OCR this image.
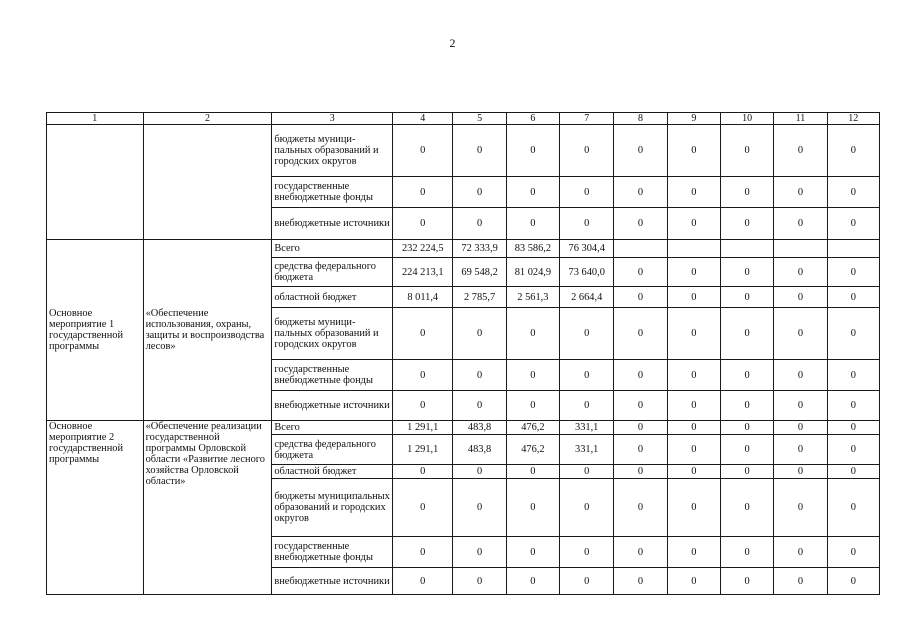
2
1	2	3	4	5	6	7	8	9	10	11	12
		бюджеты муници-пальных образований и городских округов	0	0	0	0	0	0	0	0	0
		государственные внебюджетные фонды	0	0	0	0	0	0	0	0	0
		внебюджетные источники	0	0	0	0	0	0	0	0	0
Основное мероприятие 1 государственной программы	«Обеспечение использования, охраны, защиты и воспроизводства лесов»	Всего	232 224,5	72 333,9	83 586,2	76 304,4					
		средства федерального бюджета	224 213,1	69 548,2	81 024,9	73 640,0	0	0	0	0	0
		областной бюджет	8 011,4	2 785,7	2 561,3	2 664,4	0	0	0	0	0
		бюджеты муници-пальных образований и городских округов	0	0	0	0	0	0	0	0	0
		государственные внебюджетные фонды	0	0	0	0	0	0	0	0	0
		внебюджетные источники	0	0	0	0	0	0	0	0	0
Основное мероприятие 2 государственной программы	«Обеспечение реализации государственной программы Орловской области «Развитие лесного хозяйства Орловской области»	Всего	1 291,1	483,8	476,2	331,1	0	0	0	0	0
		средства федерального бюджета	1 291,1	483,8	476,2	331,1	0	0	0	0	0
		областной бюджет	0	0	0	0	0	0	0	0	0
		бюджеты муниципальных образований и городских округов	0	0	0	0	0	0	0	0	0
		государственные внебюджетные фонды	0	0	0	0	0	0	0	0	0
		внебюджетные источники	0	0	0	0	0	0	0	0	0
